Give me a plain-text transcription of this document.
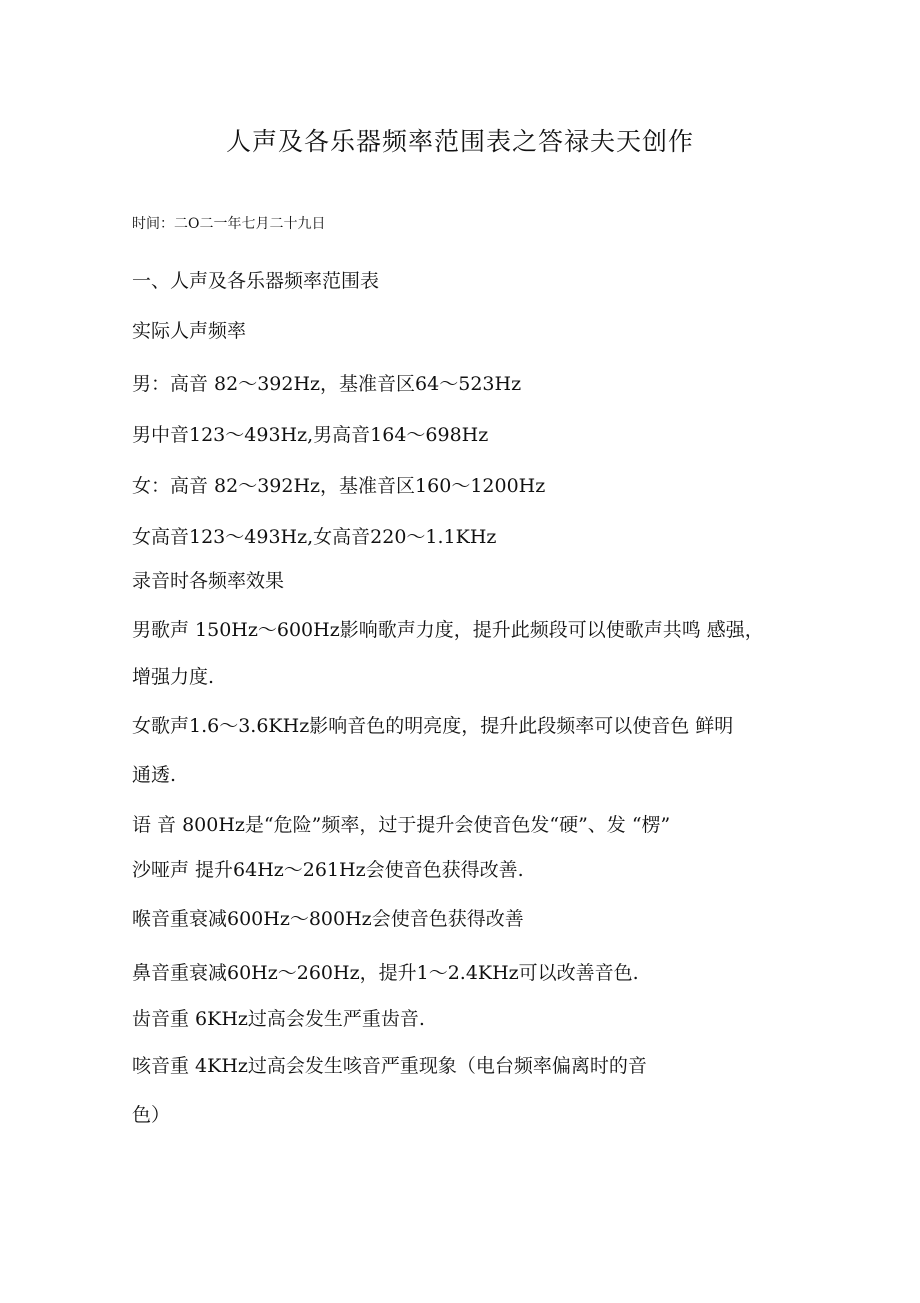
人声及各乐器频率范围表之答禄夫天创作
时间：二O二一年七月二十九日
一、人声及各乐器频率范围表
实际人声频率
男：高音 82～392Hz，基准音区64～523Hz
男中音123～493Hz,男高音164～698Hz
女：高音 82～392Hz，基准音区160～1200Hz
女高音123～493Hz,女高音220～1.1KHz
录音时各频率效果
男歌声 150Hz～600Hz影响歌声力度，提升此频段可以使歌声共鸣 感强，
增强力度.
女歌声1.6～3.6KHz影响音色的明亮度，提升此段频率可以使音色 鲜明
通透.
语 音 800Hz是“危险”频率，过于提升会使音色发“硬”、发 “楞”
沙哑声 提升64Hz～261Hz会使音色获得改善.
喉音重衰减600Hz～800Hz会使音色获得改善
鼻音重衰减60Hz～260Hz，提升1～2.4KHz可以改善音色.
齿音重 6KHz过高会发生严重齿音.
咳音重 4KHz过高会发生咳音严重现象（电台频率偏离时的音
色）
